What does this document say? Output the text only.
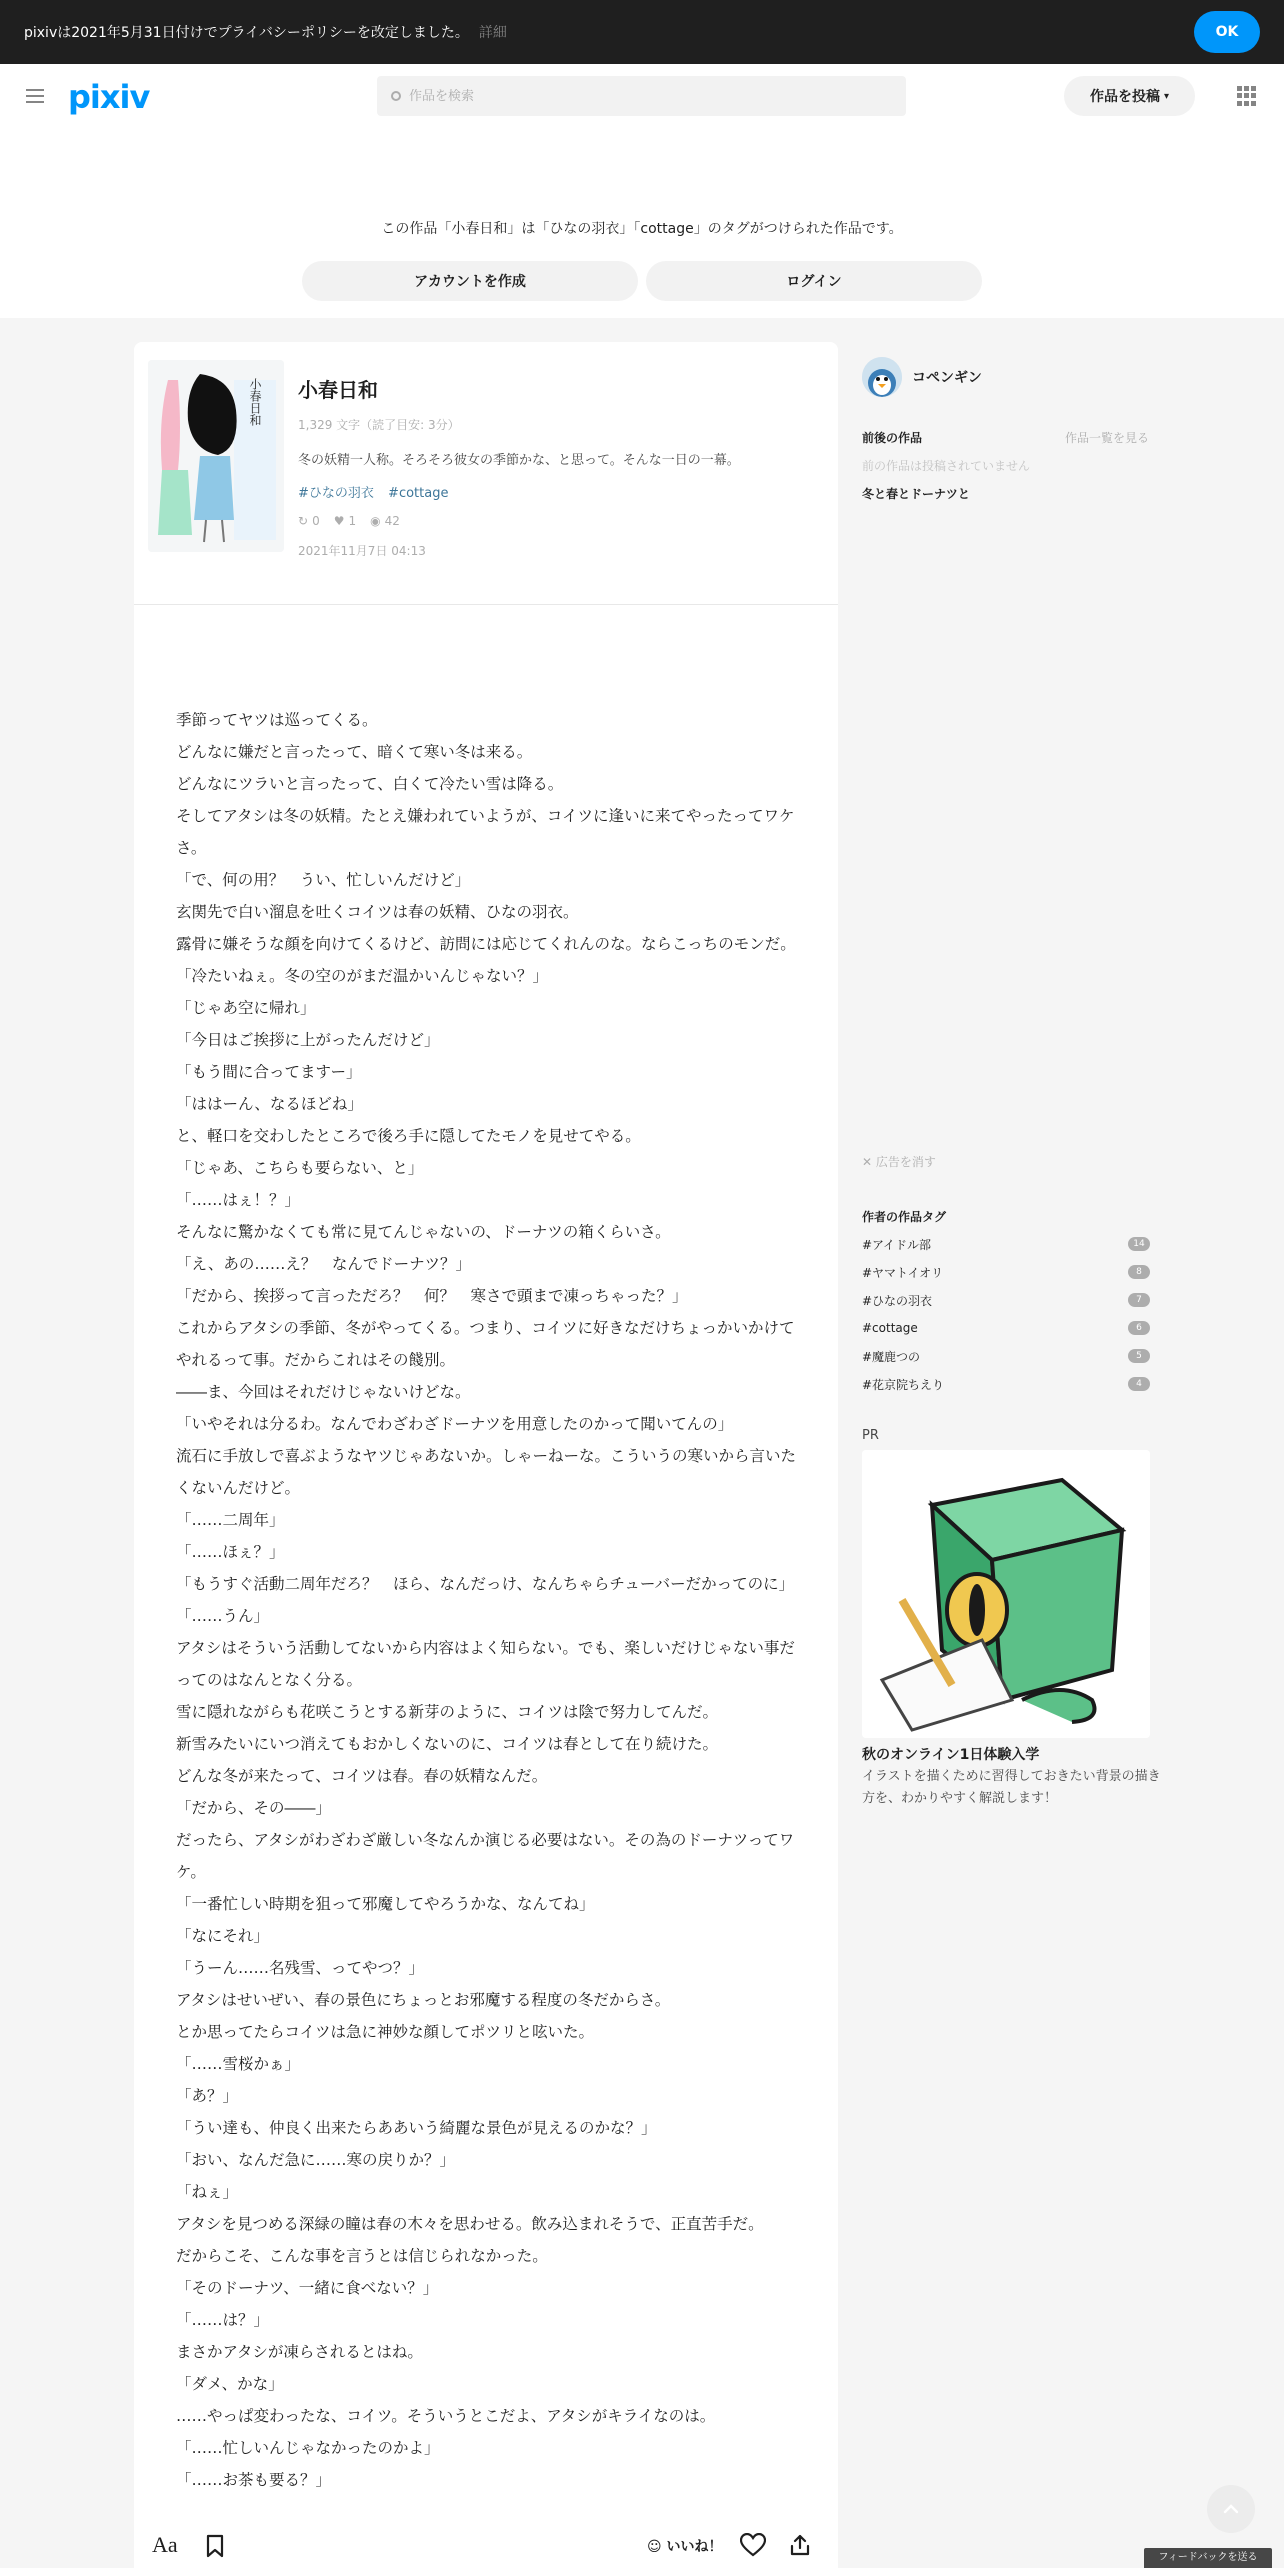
pixivは2021年5月31日付けでプライバシーポリシーを改定しました。 詳細	OK
pixiv
作品を検索	作品を投稿 ▾
この作品「小春日和」は「ひなの羽衣」「cottage」のタグがつけられた作品です。
アカウントを作成	ログイン
小春日和 小春日和
1,329 文字（読了目安: 3分）
冬の妖精一人称。そろそろ彼女の季節かな、と思って。そんな一日の一幕。
#ひなの羽衣 #cottage
↻ 0 ♥ 1 ◉ 42
2021年11月7日 04:13

季節ってヤツは巡ってくる。

どんなに嫌だと言ったって、暗くて寒い冬は来る。

どんなにツラいと言ったって、白くて冷たい雪は降る。

そしてアタシは冬の妖精。たとえ嫌われていようが、コイツに逢いに来てやったってワケさ。

「で、何の用？　うい、忙しいんだけど」

玄関先で白い溜息を吐くコイツは春の妖精、ひなの羽衣。

露骨に嫌そうな顔を向けてくるけど、訪問には応じてくれんのな。ならこっちのモンだ。

「冷たいねぇ。冬の空のがまだ温かいんじゃない？」

「じゃあ空に帰れ」

「今日はご挨拶に上がったんだけど」

「もう間に合ってますー」

「ははーん、なるほどね」

と、軽口を交わしたところで後ろ手に隠してたモノを見せてやる。

「じゃあ、こちらも要らない、と」

「……はぇ！？」

そんなに驚かなくても常に見てんじゃないの、ドーナツの箱くらいさ。

「え、あの……え？　なんでドーナツ？」

「だから、挨拶って言っただろ？　何？　寒さで頭まで凍っちゃった？」

これからアタシの季節、冬がやってくる。つまり、コイツに好きなだけちょっかいかけてやれるって事。だからこれはその餞別。

――ま、今回はそれだけじゃないけどな。

「いやそれは分るわ。なんでわざわざドーナツを用意したのかって聞いてんの」

流石に手放しで喜ぶようなヤツじゃあないか。しゃーねーな。こういうの寒いから言いたくないんだけど。

「……二周年」

「……ほぇ？」

「もうすぐ活動二周年だろ？　ほら、なんだっけ、なんちゃらチューバーだかってのに」

「……うん」

アタシはそういう活動してないから内容はよく知らない。でも、楽しいだけじゃない事だってのはなんとなく分る。

雪に隠れながらも花咲こうとする新芽のように、コイツは陰で努力してんだ。

新雪みたいにいつ消えてもおかしくないのに、コイツは春として在り続けた。

どんな冬が来たって、コイツは春。春の妖精なんだ。

「だから、その――」

だったら、アタシがわざわざ厳しい冬なんか演じる必要はない。その為のドーナツってワケ。

「一番忙しい時期を狙って邪魔してやろうかな、なんてね」

「なにそれ」

「うーん……名残雪、ってやつ？」

アタシはせいぜい、春の景色にちょっとお邪魔する程度の冬だからさ。

とか思ってたらコイツは急に神妙な顔してポツリと呟いた。

「……雪桜かぁ」

「あ？」

「うい達も、仲良く出来たらああいう綺麗な景色が見えるのかな？」

「おい、なんだ急に……寒の戻りか？」

「ねぇ」

アタシを見つめる深緑の瞳は春の木々を思わせる。飲み込まれそうで、正直苦手だ。

だからこそ、こんな事を言うとは信じられなかった。

「そのドーナツ、一緒に食べない？」

「……は？」

まさかアタシが凍らされるとはね。

「ダメ、かな」

……やっぱ変わったな、コイツ。そういうとこだよ、アタシがキライなのは。

「……忙しいんじゃなかったのかよ」

「……お茶も要る？」

コペンギン
前後の作品	作品一覧を見る
前の作品は投稿されていません
冬と春とドーナツと
✕ 広告を消す
作者の作品タグ
#アイドル部	14
#ヤマトイオリ	8
#ひなの羽衣	7
#cottage	6
#魔鹿つの	5
#花京院ちえり	4
PR
秋のオンライン1日体験入学
イラストを描くために習得しておきたい背景の描き方を、わかりやすく解説します！
Aa	☺ いいね！
フィードバックを送る
